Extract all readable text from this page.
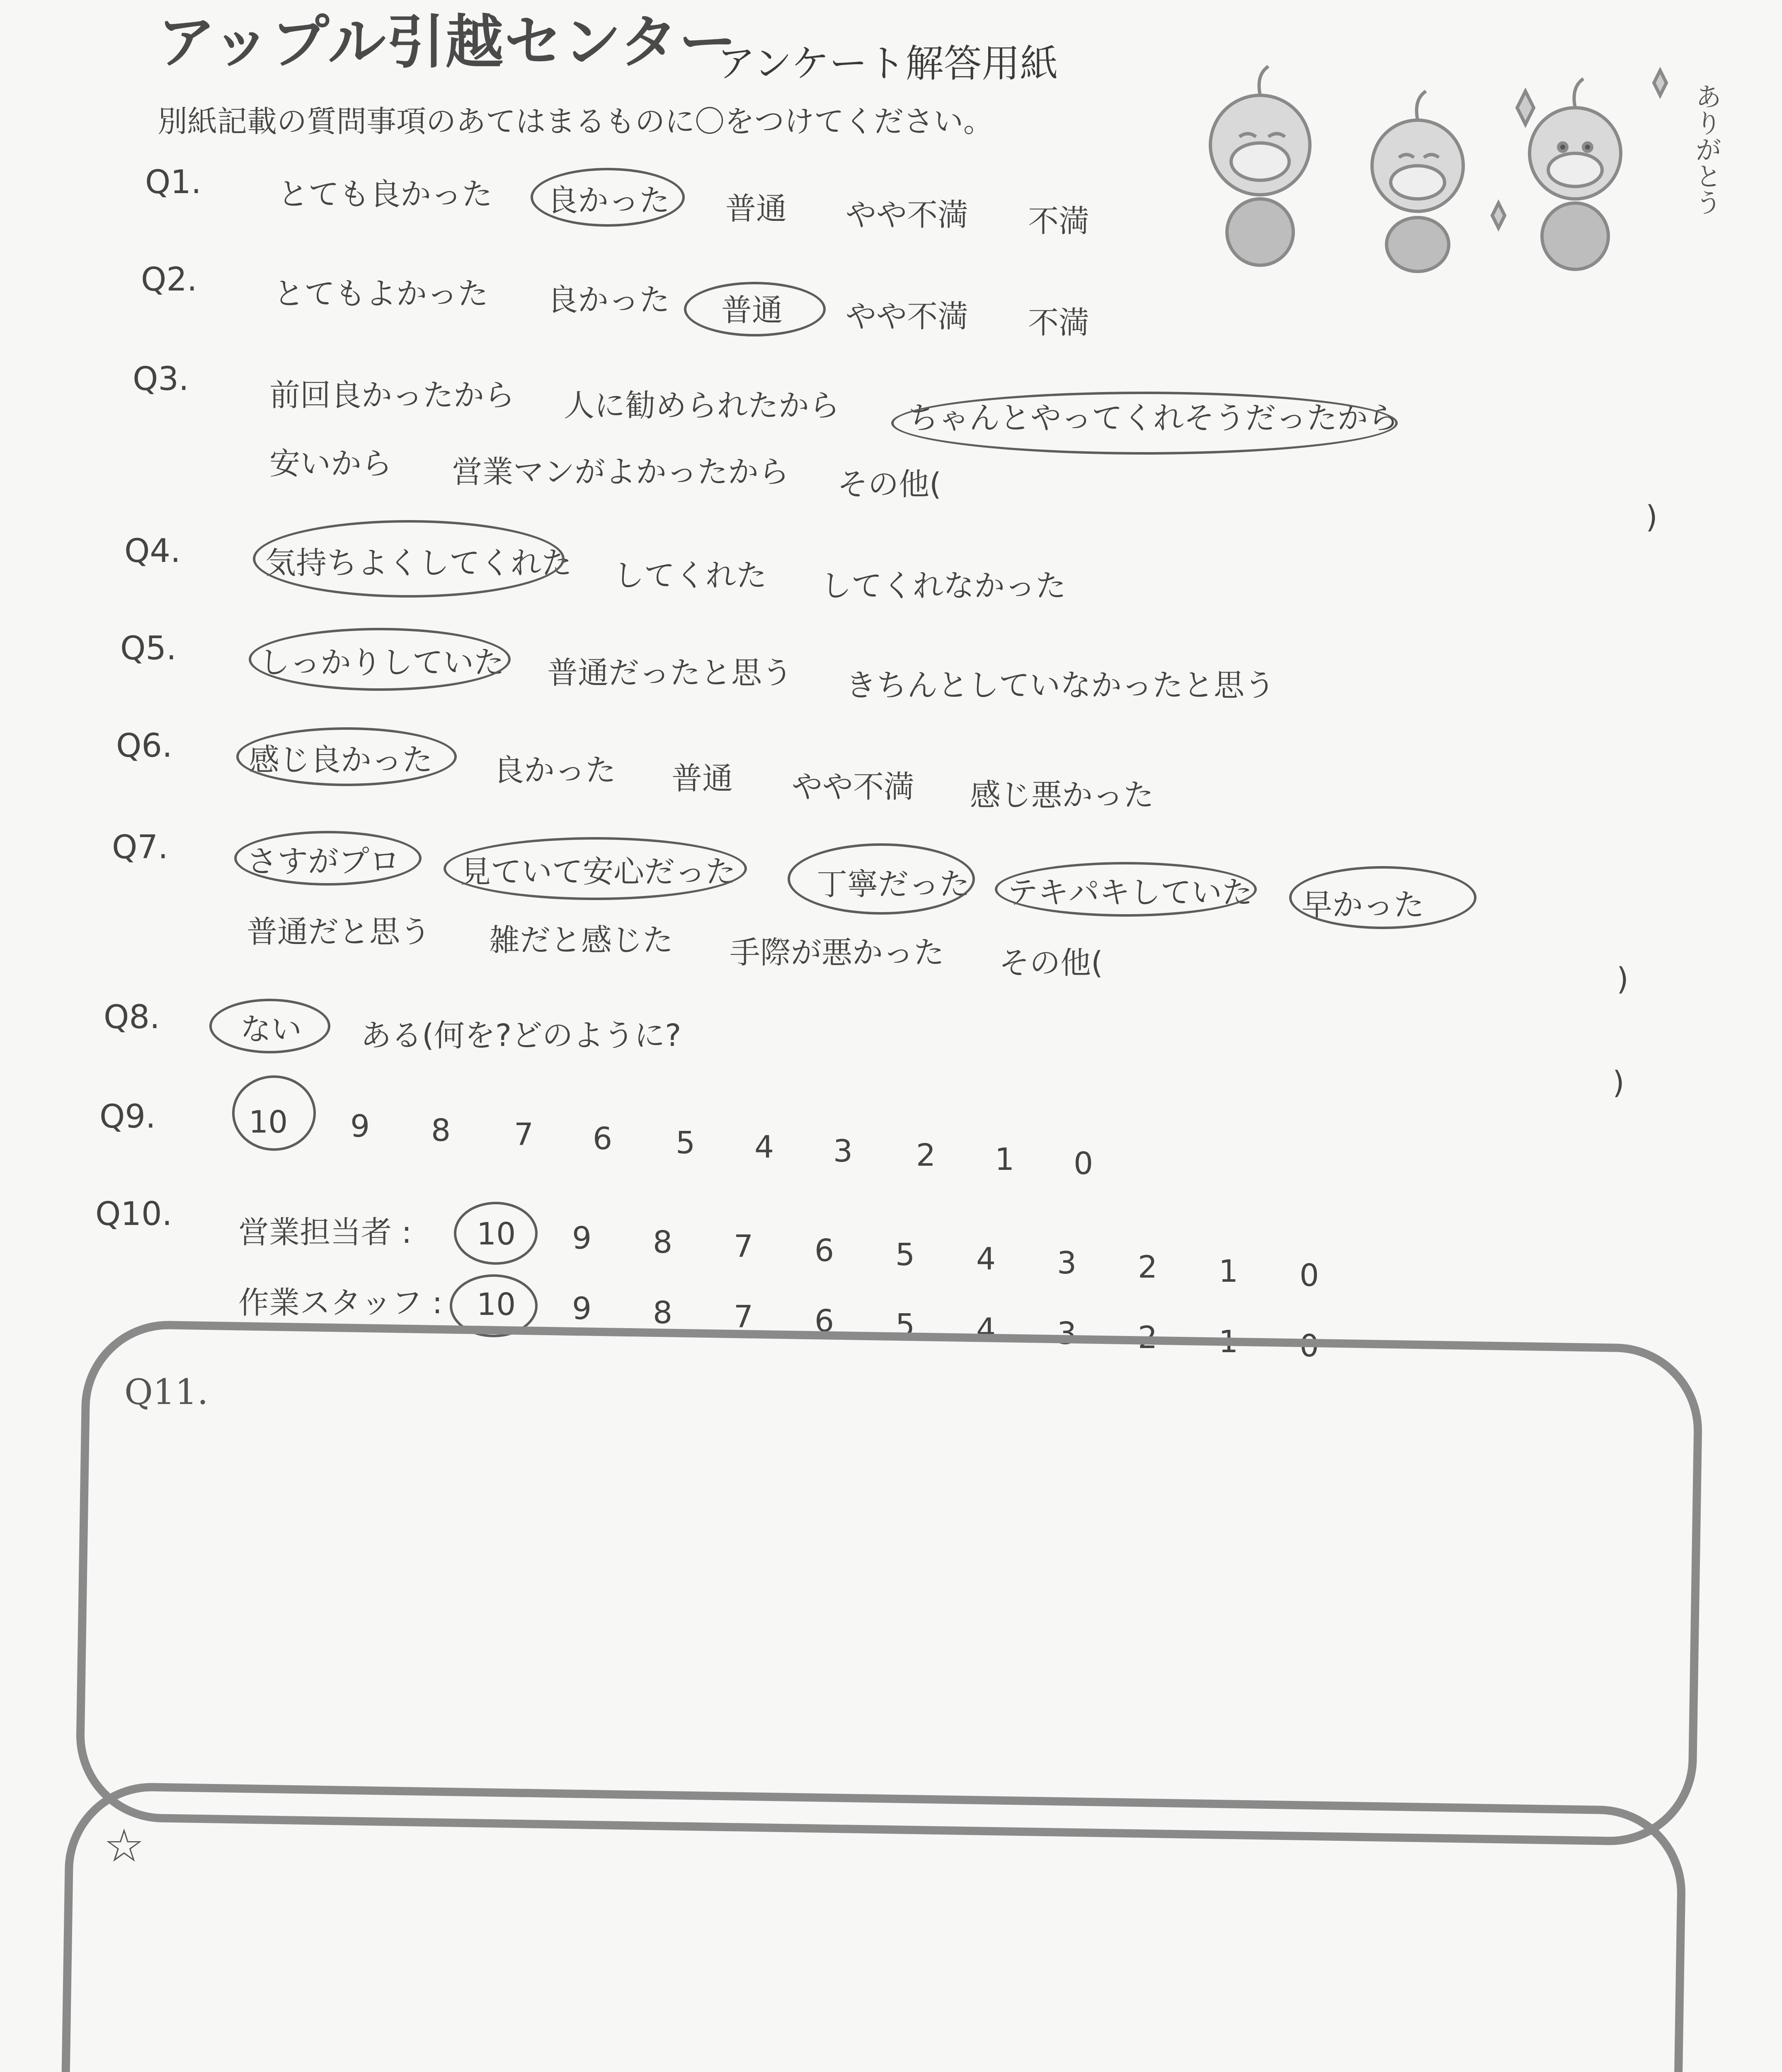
アップル引越センター
アンケート解答用紙
別紙記載の質問事項のあてはまるものに〇をつけてください。	ありがとう
Q1. とても良かった 良かった 普通 やや不満 不満
Q2. とてもよかった 良かった 普通 やや不満 不満
Q3.	前回良かったから 人に勧められたから ちゃんとやってくれそうだったから
安いから 営業マンがよかったから その他(
)
Q4.	気持ちよくしてくれた してくれた してくれなかった
Q5.	しっかりしていた 普通だったと思う きちんとしていなかったと思う
Q6. 感じ良かった 良かった 普通 やや不満 感じ悪かった
Q7.	さすがプロ 見ていて安心だった	丁寧だった テキパキしていた 早かった
普通だと思う 雑だと感じた 手際が悪かった その他(	)
Q8.	ない ある(何を?どのように?
)
Q9.	10 9 8 7 6 5 4 3 2 1 0
Q10. 営業担当者 : 10 9 8 7 6 5 4 3 2 1 0
作業スタッフ : 10 9 8 7 6 5 4 3 2 1 0
Q11.
☆
